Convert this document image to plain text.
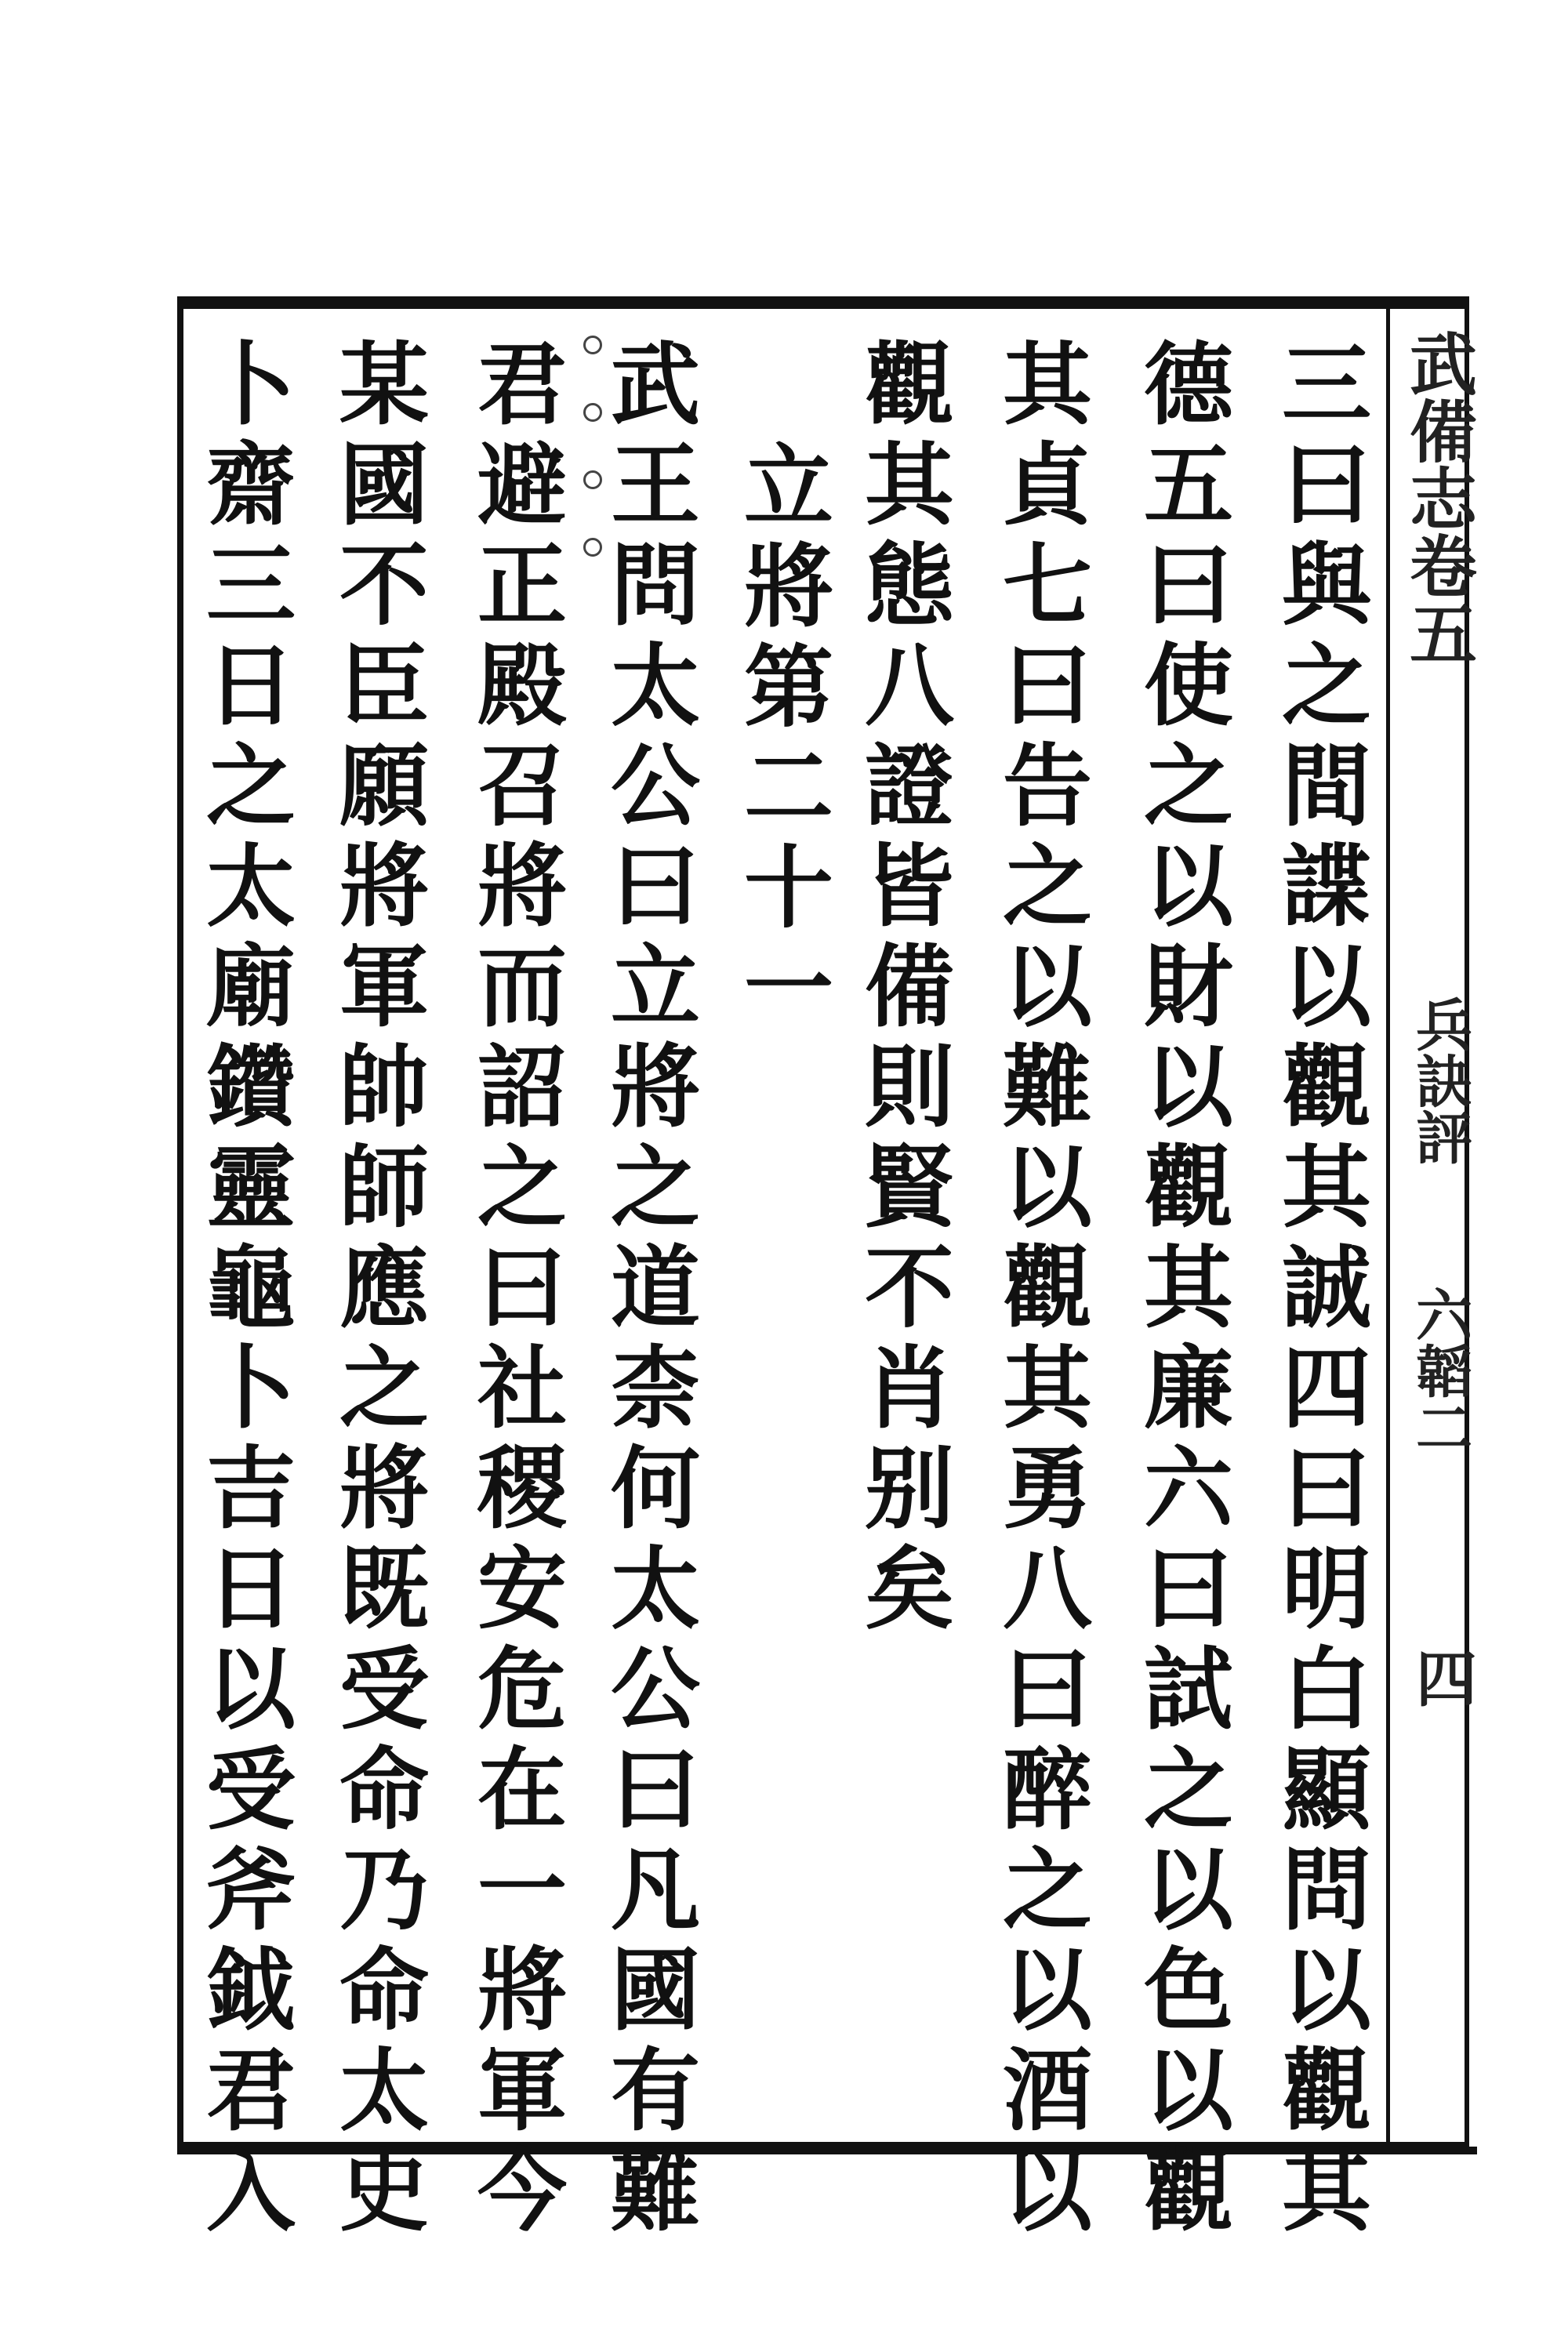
武備志卷五
兵訣評
六韜二
四
三曰與之間諜以觀其誠四曰明白顯問以觀其
德五曰使之以財以觀其廉六曰試之以色以觀
其貞七曰告之以難以觀其勇八曰醉之以酒以
觀其態八證皆備則賢不肖别矣
立將第二十一
武王問太公曰立將之道柰何太公曰凡國有難
君避正殿召將而詔之曰社稷安危在一將軍今
某國不臣願將軍帥師應之將既受命乃命太史
卜齋三日之太廟鑽靈龜卜吉日以受斧鉞君入
